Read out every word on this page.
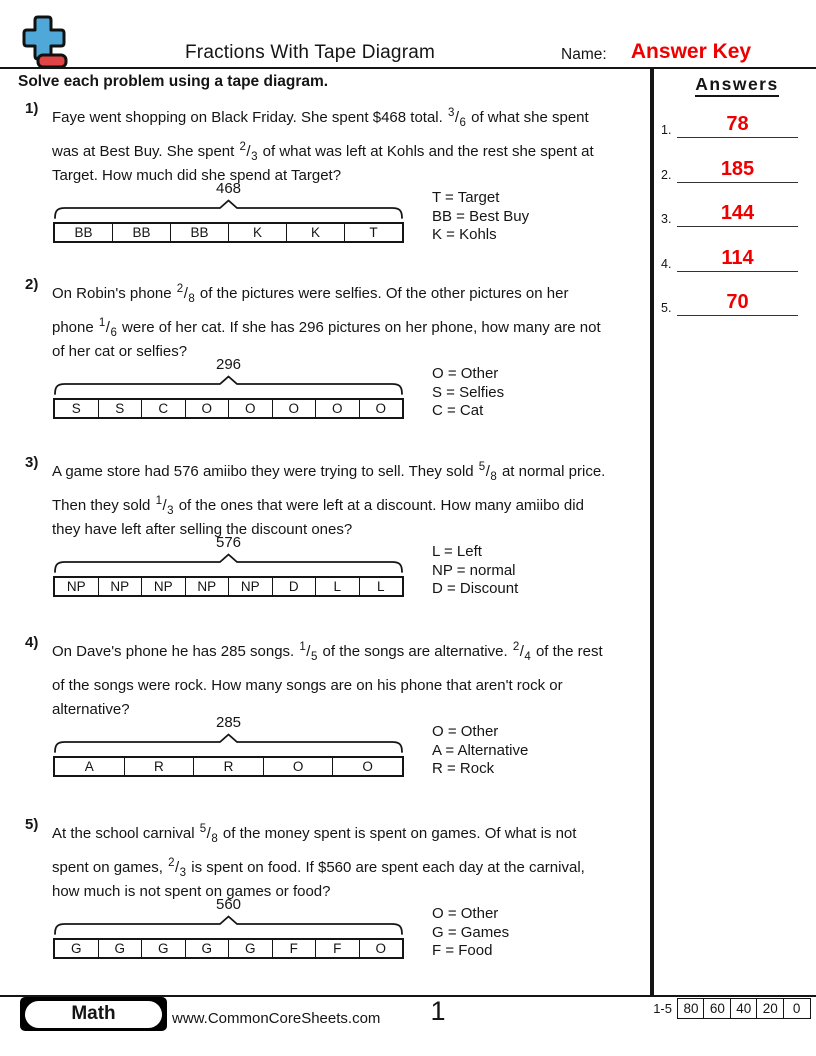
Fractions With Tape Diagram	Name:	Answer Key
Solve each problem using a tape diagram.	Answers
1.	78
2.	185
3.	144
4.	114
5.	70
1)
Faye went shopping on Black Friday. She spent $468 total. $^3/_6$ of what she spent
was at Best Buy. She spent $^2/_3$ of what was left at Kohls and the rest she spent at
Target. How much did she spend at Target?
468
BB	BB	BB	K	K	T
T = Target
BB = Best Buy
K = Kohls
2)
On Robin's phone $^2/_8$ of the pictures were selfies. Of the other pictures on her
phone $^1/_6$ were of her cat. If she has 296 pictures on her phone, how many are not
of her cat or selfies?
296
S	S	C	O	O	O	O	O
O = Other
S = Selfies
C = Cat
3)
A game store had 576 amiibo they were trying to sell. They sold $^5/_8$ at normal price.
Then they sold $^1/_3$ of the ones that were left at a discount. How many amiibo did
they have left after selling the discount ones?
576
NP	NP	NP	NP	NP	D	L	L
L = Left
NP = normal
D = Discount
4)
On Dave's phone he has 285 songs. $^1/_5$ of the songs are alternative. $^2/_4$ of the rest
of the songs were rock. How many songs are on his phone that aren't rock or
alternative?
285
A	R	R	O	O
O = Other
A = Alternative
R = Rock
5)
At the school carnival $^5/_8$ of the money spent is spent on games. Of what is not
spent on games, $^2/_3$ is spent on food. If $560 are spent each day at the carnival,
how much is not spent on games or food?
560
G	G	G	G	G	F	F	O
O = Other
G = Games
F = Food
Math	www.CommonCoreSheets.com	1	1-5 80 60 40 20	0
